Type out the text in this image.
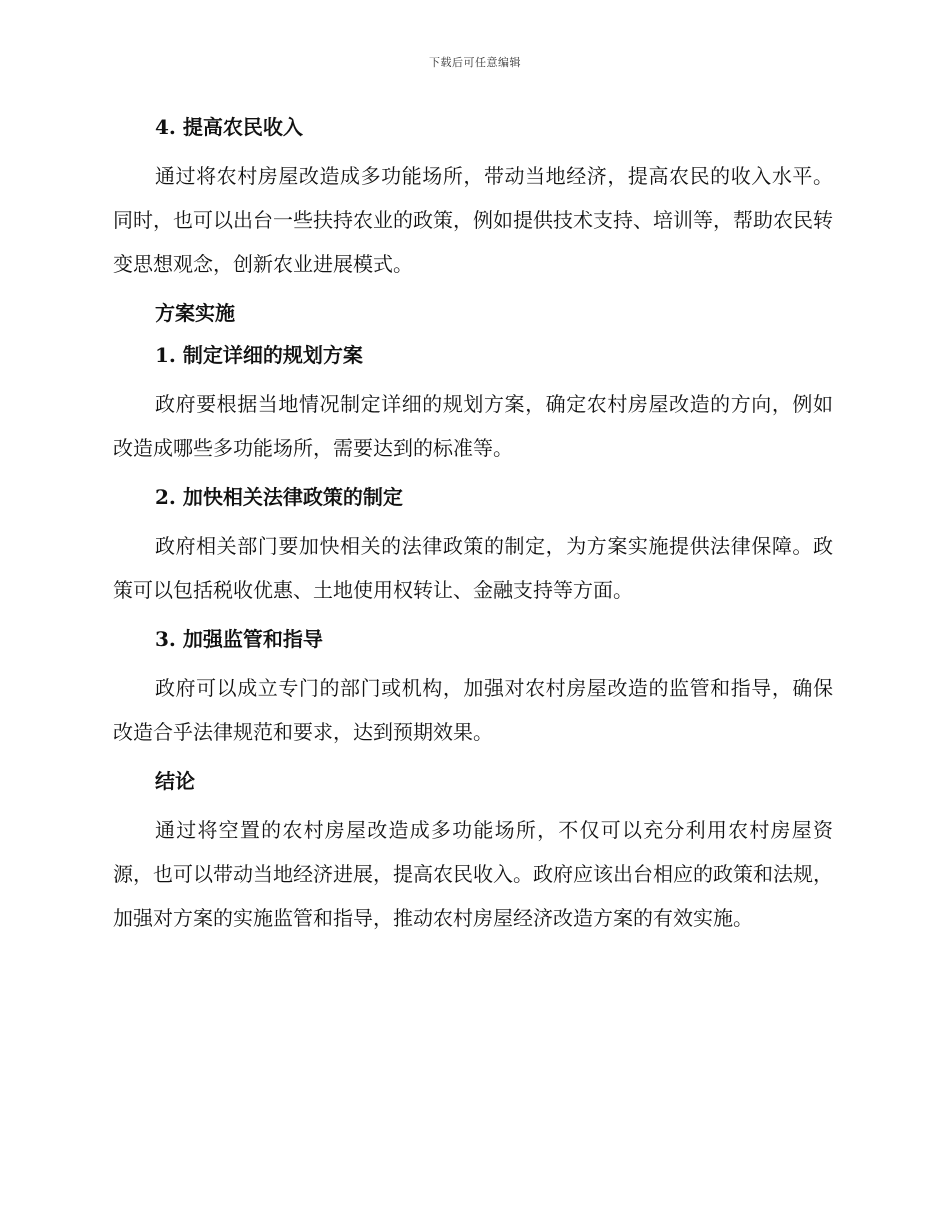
下载后可任意编辑
4. 提高农民收入

通过将农村房屋改造成多功能场所，带动当地经济，提高农民的收入水平。同时，也可以出台一些扶持农业的政策，例如提供技术支持、培训等，帮助农民转变思想观念，创新农业进展模式。

方案实施
1. 制定详细的规划方案

政府要根据当地情况制定详细的规划方案，确定农村房屋改造的方向，例如改造成哪些多功能场所，需要达到的标准等。

2. 加快相关法律政策的制定

政府相关部门要加快相关的法律政策的制定，为方案实施提供法律保障。政策可以包括税收优惠、土地使用权转让、金融支持等方面。

3. 加强监管和指导

政府可以成立专门的部门或机构，加强对农村房屋改造的监管和指导，确保改造合乎法律规范和要求，达到预期效果。

结论

通过将空置的农村房屋改造成多功能场所，不仅可以充分利用农村房屋资源，也可以带动当地经济进展，提高农民收入。政府应该出台相应的政策和法规，加强对方案的实施监管和指导，推动农村房屋经济改造方案的有效实施。
